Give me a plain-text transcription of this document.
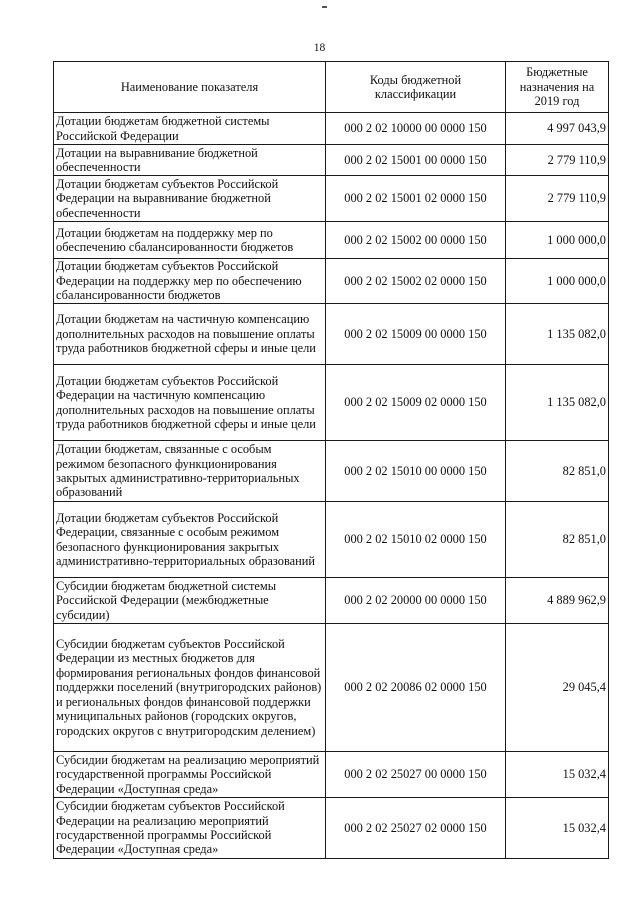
18
Наименование показателя	Коды бюджетной классификации	Бюджетные назначения на 2019 год
Дотации бюджетам бюджетной системы Российской Федерации	000 2 02 10000 00 0000 150	4 997 043,9
Дотации на выравнивание бюджетной обеспеченности	000 2 02 15001 00 0000 150	2 779 110,9
Дотации бюджетам субъектов Российской Федерации на выравнивание бюджетной обеспеченности	000 2 02 15001 02 0000 150	2 779 110,9
Дотации бюджетам на поддержку мер по обеспечению сбалансированности бюджетов	000 2 02 15002 00 0000 150	1 000 000,0
Дотации бюджетам субъектов Российской Федерации на поддержку мер по обеспечению сбалансированности бюджетов	000 2 02 15002 02 0000 150	1 000 000,0
Дотации бюджетам на частичную компенсацию дополнительных расходов на повышение оплаты труда работников бюджетной сферы и иные цели	000 2 02 15009 00 0000 150	1 135 082,0
Дотации бюджетам субъектов Российской Федерации на частичную компенсацию дополнительных расходов на повышение оплаты труда работников бюджетной сферы и иные цели	000 2 02 15009 02 0000 150	1 135 082,0
Дотации бюджетам, связанные с особым режимом безопасного функционирования закрытых административно-территориальных образований	000 2 02 15010 00 0000 150	82 851,0
Дотации бюджетам субъектов Российской Федерации, связанные с особым режимом безопасного функционирования закрытых административно-территориальных образований	000 2 02 15010 02 0000 150	82 851,0
Субсидии бюджетам бюджетной системы Российской Федерации (межбюджетные субсидии)	000 2 02 20000 00 0000 150	4 889 962,9
Субсидии бюджетам субъектов Российской Федерации из местных бюджетов для формирования региональных фондов финансовой поддержки поселений (внутригородских районов) и региональных фондов финансовой поддержки муниципальных районов (городских округов, городских округов с внутригородским делением)	000 2 02 20086 02 0000 150	29 045,4
Субсидии бюджетам на реализацию мероприятий государственной программы Российской Федерации «Доступная среда»	000 2 02 25027 00 0000 150	15 032,4
Субсидии бюджетам субъектов Российской Федерации на реализацию мероприятий государственной программы Российской Федерации «Доступная среда»	000 2 02 25027 02 0000 150	15 032,4
